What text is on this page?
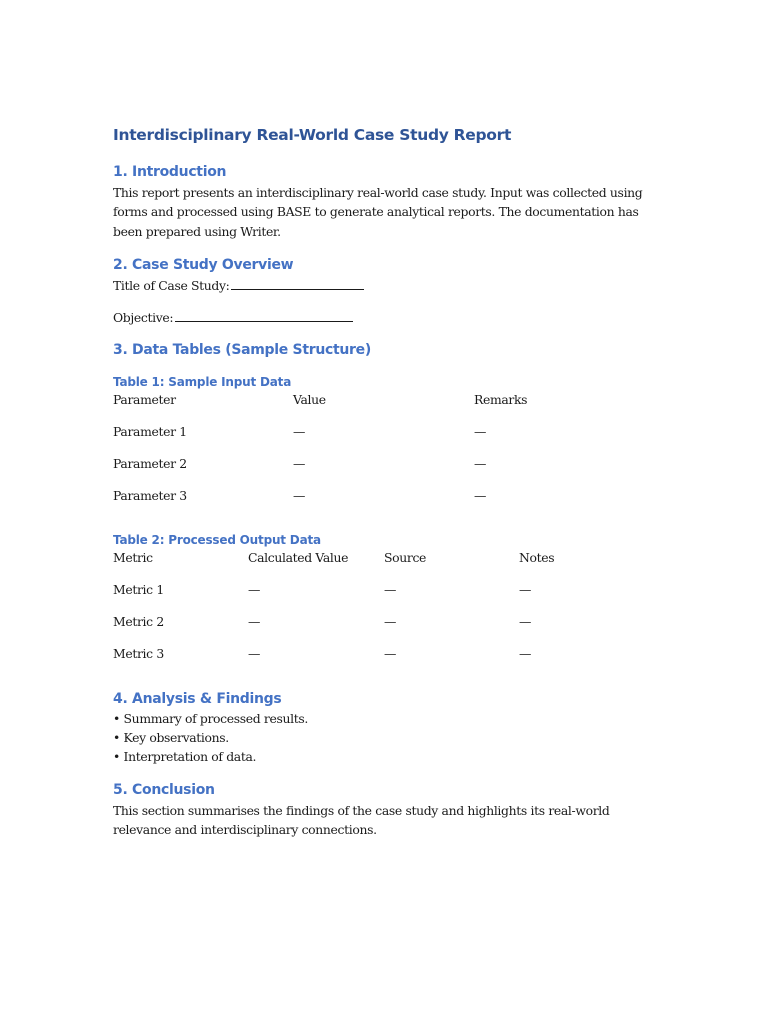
Interdisciplinary Real-World Case Study Report
1. Introduction

This report presents an interdisciplinary real-world case study. Input was collected using

forms and processed using BASE to generate analytical reports. The documentation has

been prepared using Writer.

2. Case Study Overview
Title of Case Study:
Objective:
3. Data Tables (Sample Structure)
Table 1: Sample Input Data
Parameter	Value	Remarks
Parameter 1	—	—
Parameter 2	—	—
Parameter 3	—	—
Table 2: Processed Output Data
Metric	Calculated Value	Source	Notes
Metric 1	—	—	—
Metric 2	—	—	—
Metric 3	—	—	—
4. Analysis & Findings

• Summary of processed results.

• Key observations.

• Interpretation of data.

5. Conclusion

This section summarises the findings of the case study and highlights its real-world

relevance and interdisciplinary connections.
